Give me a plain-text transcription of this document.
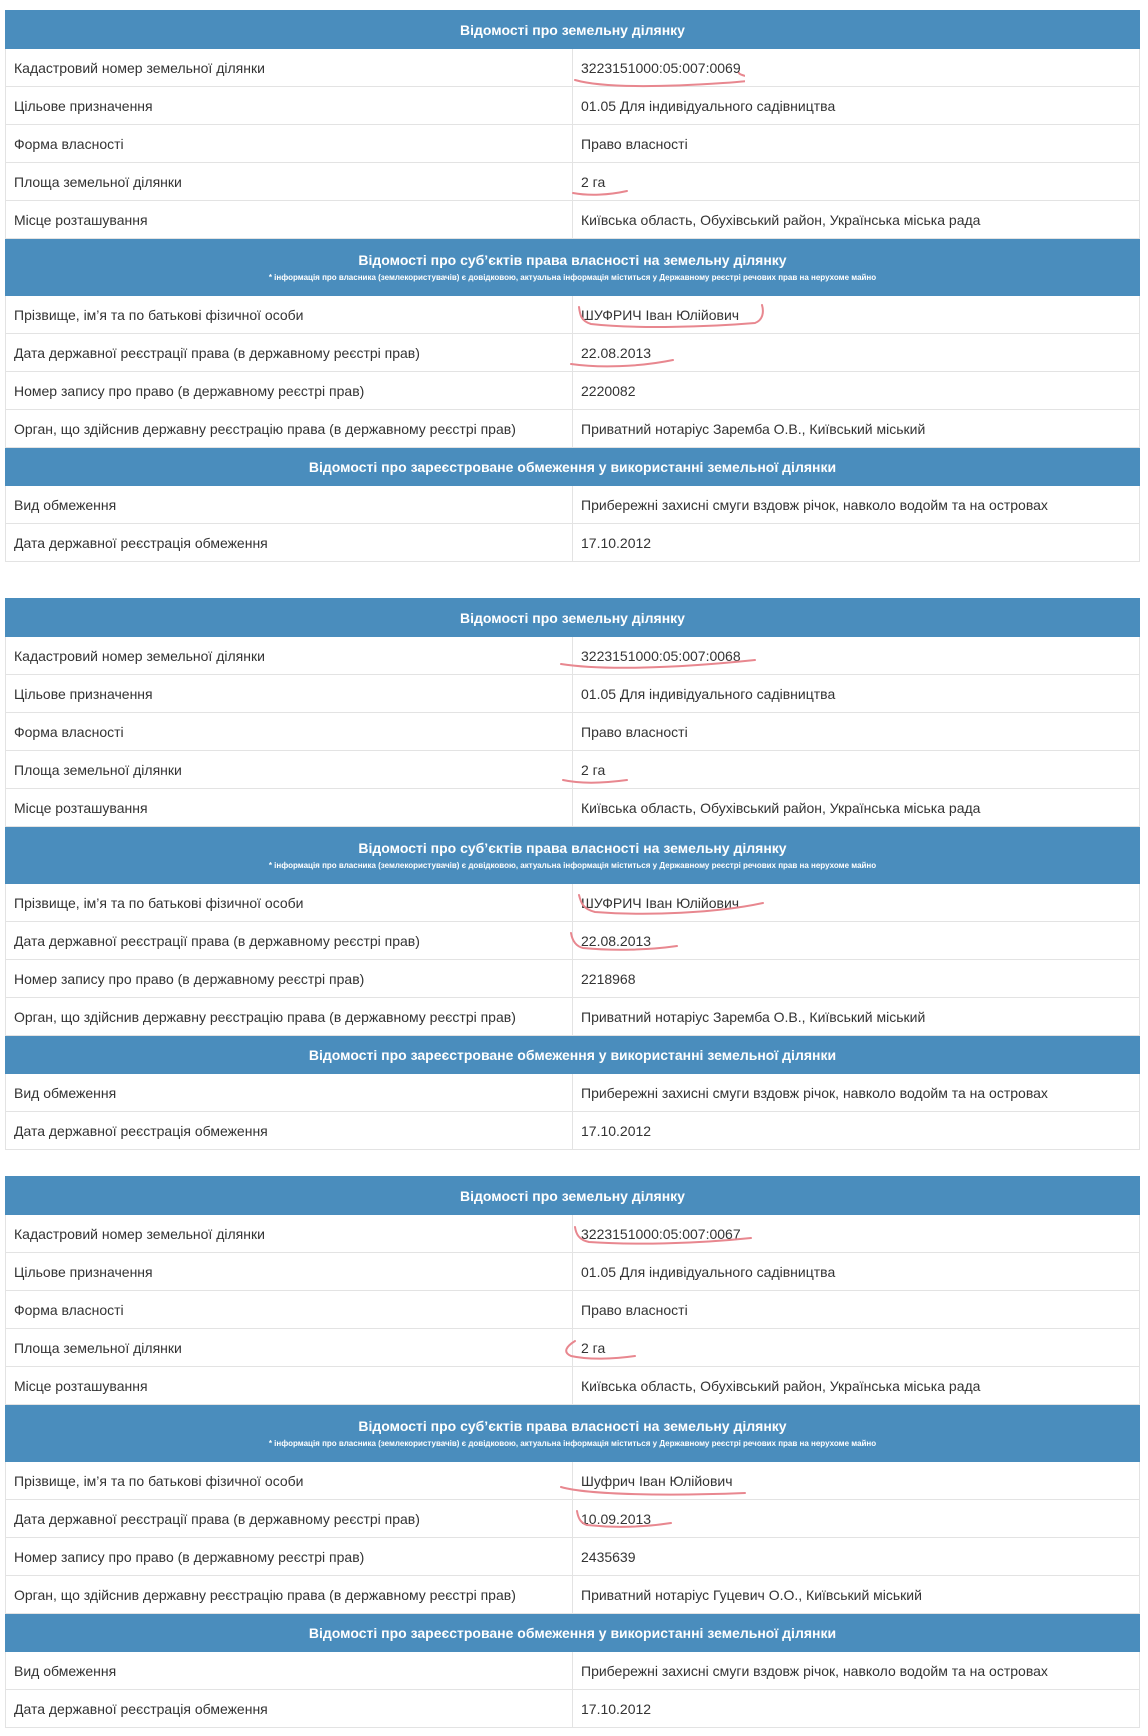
Відомості про земельну ділянку	
Кадастровий номер земельної ділянки	3223151000:05:007:0069

Цільове призначення	01.05 Для індивідуального садівництва
Форма власності	Право власності
Площа земельної ділянки	2 га

Місце розташування	Київська область, Обухівський район, Українська міська рада
Відомості про суб’єктів права власності на земельну ділянку
* інформація про власника (землекористувачів) є довідковою, актуальна інформація міститься у Державному реєстрі речових прав на нерухоме майно	

Прізвище, ім’я та по батькові фізичної особи	ШУФРИЧ Іван Юлійович

Дата державної реєстрації права (в державному реєстрі прав)	22.08.2013

Номер запису про право (в державному реєстрі прав)	2220082
Орган, що здійснив державну реєстрацію права (в державному реєстрі прав)	Приватний нотаріус Заремба О.В., Київський міський
Відомості про зареєстроване обмеження у використанні земельної ділянки	
Вид обмеження	Прибережні захисні смуги вздовж річок, навколо водойм та на островах
Дата державної реєстрація обмеження	17.10.2012
Відомості про земельну ділянку	
Кадастровий номер земельної ділянки	3223151000:05:007:0068

Цільове призначення	01.05 Для індивідуального садівництва
Форма власності	Право власності
Площа земельної ділянки	2 га

Місце розташування	Київська область, Обухівський район, Українська міська рада
Відомості про суб’єктів права власності на земельну ділянку
* інформація про власника (землекористувачів) є довідковою, актуальна інформація міститься у Державному реєстрі речових прав на нерухоме майно	

Прізвище, ім’я та по батькові фізичної особи	ШУФРИЧ Іван Юлійович

Дата державної реєстрації права (в державному реєстрі прав)	22.08.2013

Номер запису про право (в державному реєстрі прав)	2218968
Орган, що здійснив державну реєстрацію права (в державному реєстрі прав)	Приватний нотаріус Заремба О.В., Київський міський
Відомості про зареєстроване обмеження у використанні земельної ділянки	
Вид обмеження	Прибережні захисні смуги вздовж річок, навколо водойм та на островах
Дата державної реєстрація обмеження	17.10.2012
Відомості про земельну ділянку	
Кадастровий номер земельної ділянки	3223151000:05:007:0067

Цільове призначення	01.05 Для індивідуального садівництва
Форма власності	Право власності
Площа земельної ділянки	2 га

Місце розташування	Київська область, Обухівський район, Українська міська рада
Відомості про суб’єктів права власності на земельну ділянку
* інформація про власника (землекористувачів) є довідковою, актуальна інформація міститься у Державному реєстрі речових прав на нерухоме майно	

Прізвище, ім’я та по батькові фізичної особи	Шуфрич Іван Юлійович

Дата державної реєстрації права (в державному реєстрі прав)	10.09.2013

Номер запису про право (в державному реєстрі прав)	2435639
Орган, що здійснив державну реєстрацію права (в державному реєстрі прав)	Приватний нотаріус Гуцевич О.О., Київський міський
Відомості про зареєстроване обмеження у використанні земельної ділянки	
Вид обмеження	Прибережні захисні смуги вздовж річок, навколо водойм та на островах
Дата державної реєстрація обмеження	17.10.2012
